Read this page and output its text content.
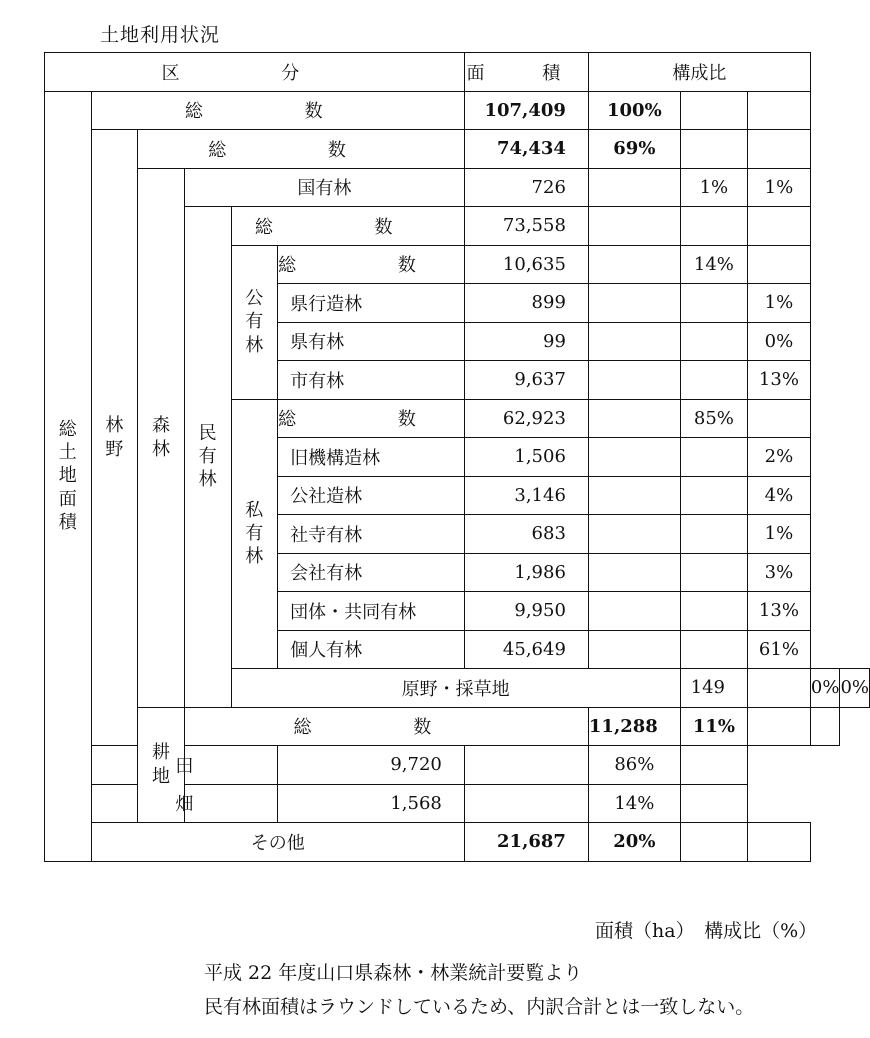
土地利用状況
区 分						面 積	構成比				
総土地面積	総 数					107,409	100%				
	林野	総 数				74,434	69%				
		森林	国有林			726		1%	1%		
			民有林	総 数		73,558					
				公有林	総 数	10,635		14%			
					県行造林	899			1%		
					県有林	99			0%		
					市有林	9,637			13%		
				私有林	総 数	62,923		85%			
					旧機構造林	1,506			2%		
					公社造林	3,146			4%		
					社寺有林	683			1%		
					会社有林	1,986			3%		
					団体・共同有林	9,950			13%		
					個人有林	45,649			61%		
				原野・採草地				149		0%	0%
		耕地	総 数				11,288	11%			
	田				9,720		86%				
	畑				1,568		14%				
	その他					21,687	20%				
面積（ha）　構成比（%）
平成 22 年度山口県森林・林業統計要覧より
民有林面積はラウンドしているため、内訳合計とは一致しない。
